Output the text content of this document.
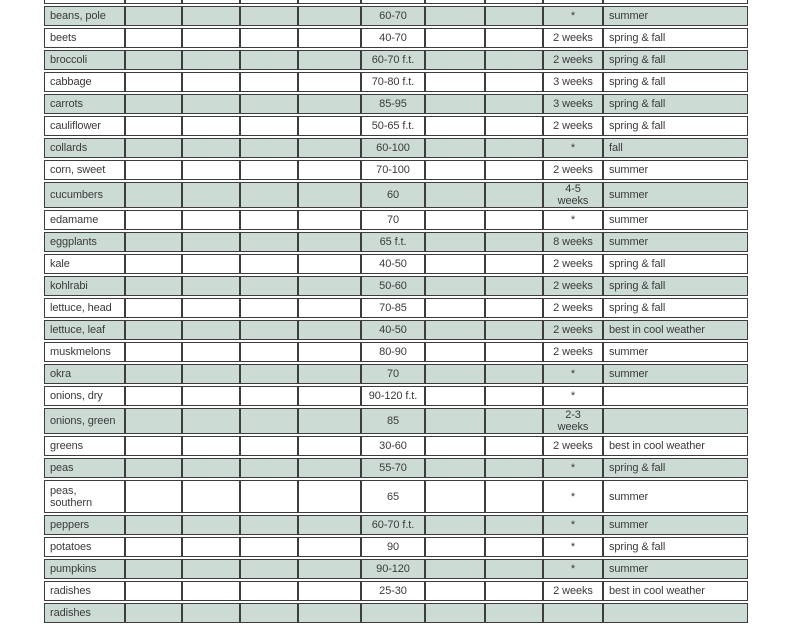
beans, pole					60-70			*	summer
beets					40-70			2 weeks	spring & fall
broccoli					60-70 f.t.			2 weeks	spring & fall
cabbage					70-80 f.t.			3 weeks	spring & fall
carrots					85-95			3 weeks	spring & fall
cauliflower					50-65 f.t.			2 weeks	spring & fall
collards					60-100			*	fall
corn, sweet					70-100			2 weeks	summer
cucumbers					60			4-5 weeks	summer
edamame					70			*	summer
eggplants					65 f.t.			8 weeks	summer
kale					40-50			2 weeks	spring & fall
kohlrabi					50-60			2 weeks	spring & fall
lettuce, head					70-85			2 weeks	spring & fall
lettuce, leaf					40-50			2 weeks	best in cool weather
muskmelons					80-90			2 weeks	summer
okra					70			*	summer
onions, dry					90-120 f.t.			*	
onions, green					85			2-3 weeks	
greens					30-60			2 weeks	best in cool weather
peas					55-70			*	spring & fall
peas, southern					65			*	summer
peppers					60-70 f.t.			*	summer
potatoes					90			*	spring & fall
pumpkins					90-120			*	summer
radishes					25-30			2 weeks	best in cool weather
radishes									
